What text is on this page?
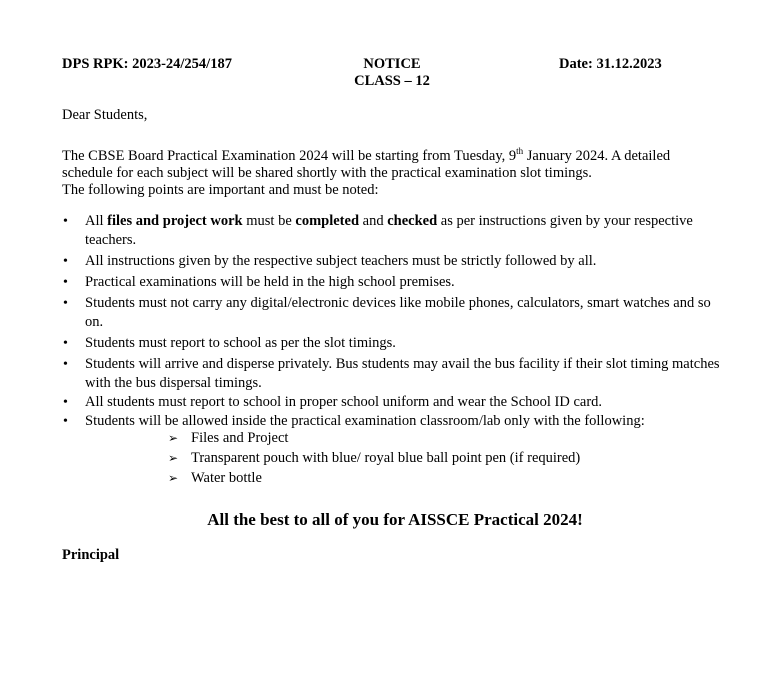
DPS RPK: 2023-24/254/187	NOTICE
CLASS – 12
Date: 31.12.2023
Dear Students,
The CBSE Board Practical Examination 2024 will be starting from Tuesday, 9th January 2024. A detailed schedule for each subject will be shared shortly with the practical examination slot timings.
The following points are important and must be noted:
• All files and project work must be completed and checked as per instructions given by your respective teachers.
• All instructions given by the respective subject teachers must be strictly followed by all.
• Practical examinations will be held in the high school premises.
• Students must not carry any digital/electronic devices like mobile phones, calculators, smart watches and so on.
• Students must report to school as per the slot timings.
• Students will arrive and disperse privately. Bus students may avail the bus facility if their slot timing matches with the bus dispersal timings.
• All students must report to school in proper school uniform and wear the School ID card.
• Students will be allowed inside the practical examination classroom/lab only with the following:
➢ Files and Project
➢ Transparent pouch with blue/ royal blue ball point pen (if required)
➢ Water bottle
All the best to all of you for AISSCE Practical 2024!
Principal
